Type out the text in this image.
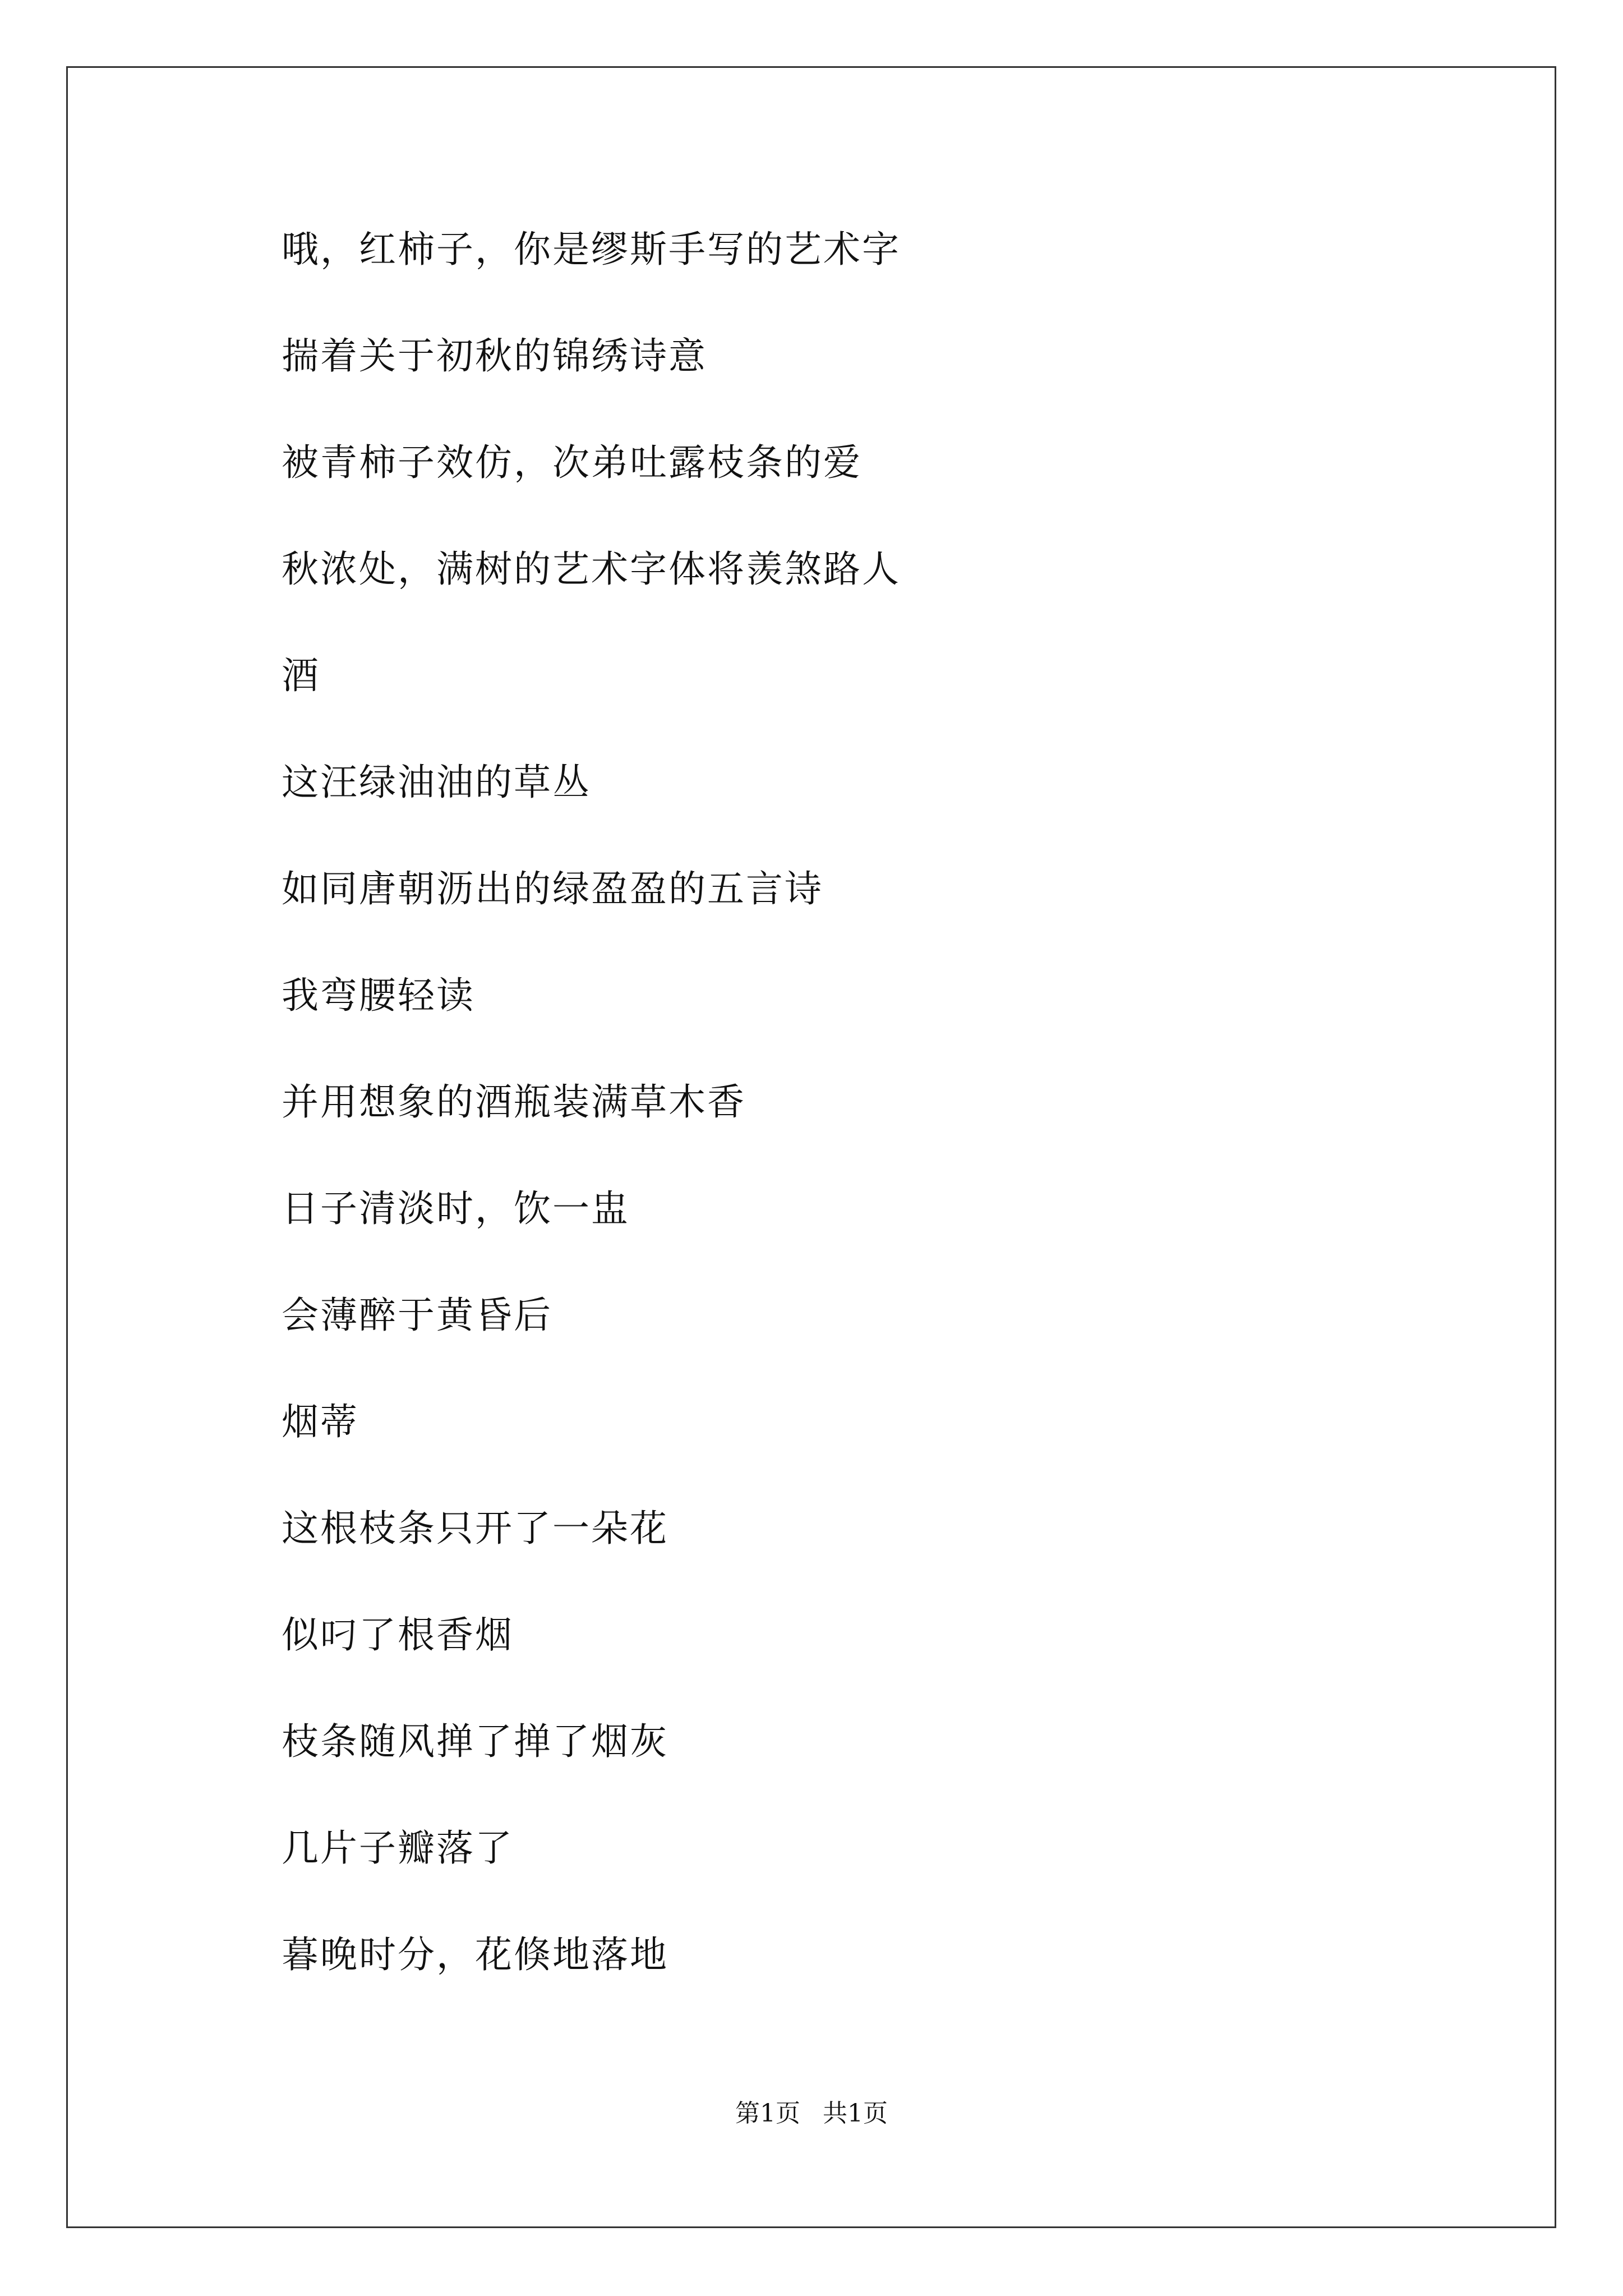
哦，红柿子，你是缪斯手写的艺术字

揣着关于初秋的锦绣诗意

被青柿子效仿，次弟吐露枝条的爱

秋浓处，满树的艺术字体将羡煞路人

酒

这汪绿油油的草丛

如同唐朝沥出的绿盈盈的五言诗

我弯腰轻读

并用想象的酒瓶装满草木香

日子清淡时，饮一盅

会薄醉于黄昏后

烟蒂

这根枝条只开了一朵花

似叼了根香烟

枝条随风掸了掸了烟灰

几片子瓣落了

暮晚时分，花倏地落地

第1页 共1页
